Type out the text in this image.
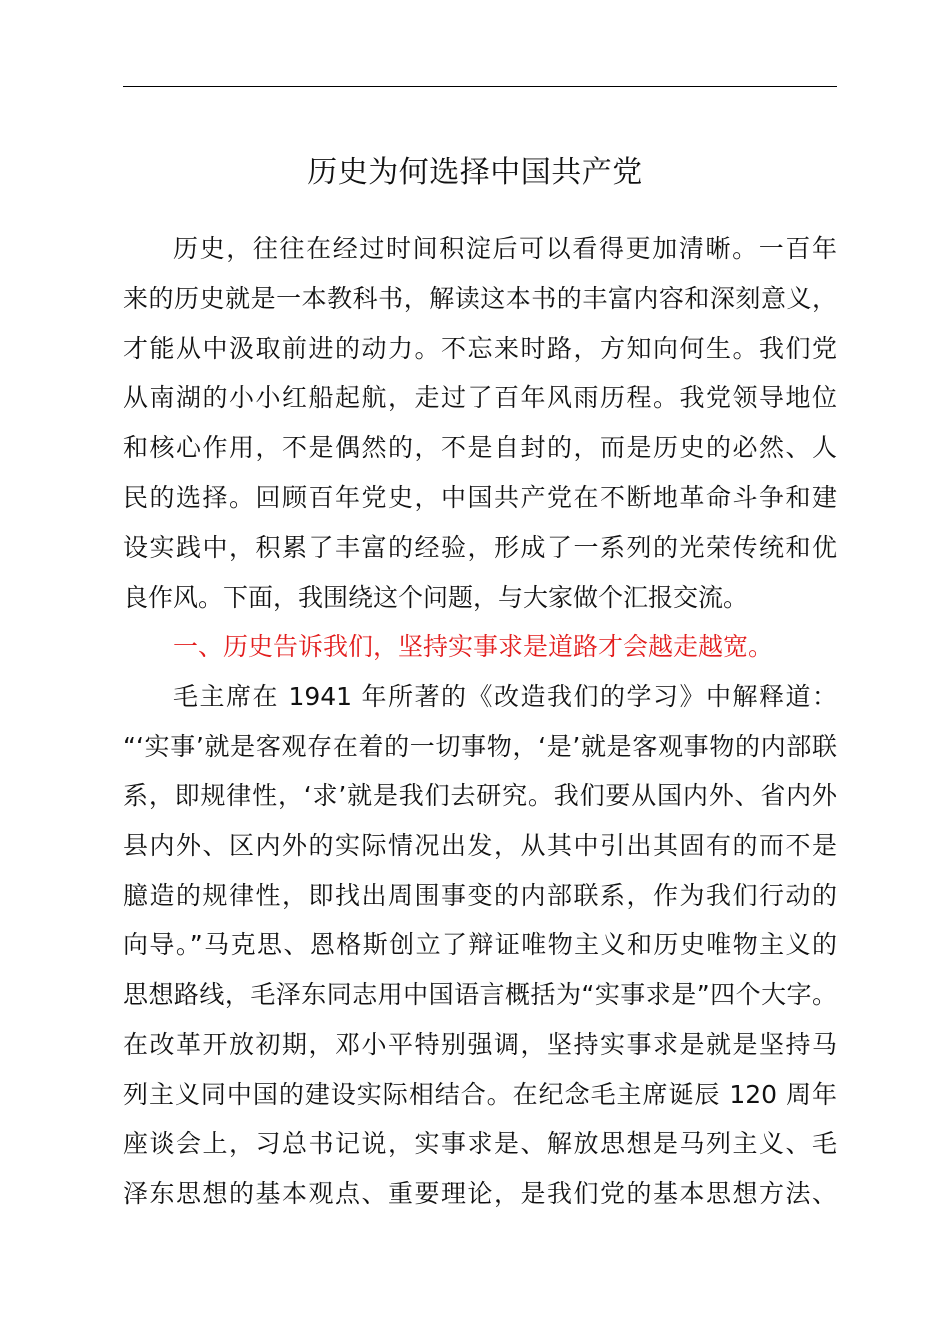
历史为何选择中国共产党
历史，往往在经过时间积淀后可以看得更加清晰。一百年
来的历史就是一本教科书，解读这本书的丰富内容和深刻意义，
才能从中汲取前进的动力。不忘来时路，方知向何生。我们党
从南湖的小小红船起航，走过了百年风雨历程。我党领导地位
和核心作用，不是偶然的，不是自封的，而是历史的必然、人
民的选择。回顾百年党史，中国共产党在不断地革命斗争和建
设实践中，积累了丰富的经验，形成了一系列的光荣传统和优
良作风。下面，我围绕这个问题，与大家做个汇报交流。
一、历史告诉我们，坚持实事求是道路才会越走越宽。
毛主席在 1941 年所著的《改造我们的学习》中解释道：
“‘实事’就是客观存在着的一切事物，‘是’就是客观事物的内部联
系，即规律性，‘求’就是我们去研究。我们要从国内外、省内外
县内外、区内外的实际情况出发，从其中引出其固有的而不是
臆造的规律性，即找出周围事变的内部联系，作为我们行动的
向导。”马克思、恩格斯创立了辩证唯物主义和历史唯物主义的
思想路线，毛泽东同志用中国语言概括为“实事求是”四个大字。
在改革开放初期，邓小平特别强调，坚持实事求是就是坚持马
列主义同中国的建设实际相结合。在纪念毛主席诞辰 120 周年
座谈会上，习总书记说，实事求是、解放思想是马列主义、毛
泽东思想的基本观点、重要理论，是我们党的基本思想方法、
